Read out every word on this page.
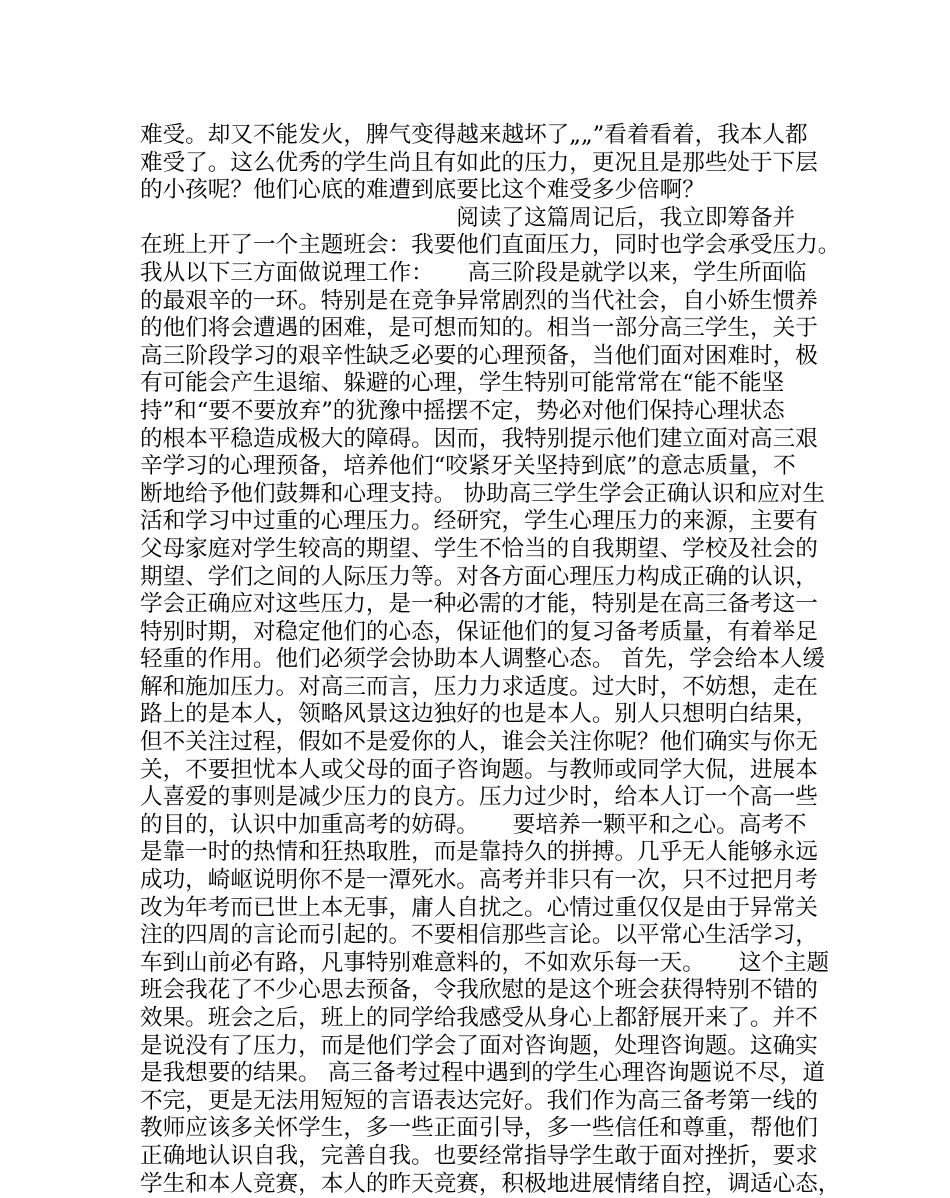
难受。却又不能发火，脾气变得越来越坏了„„”看着看着，我本人都
难受了。这么优秀的学生尚且有如此的压力，更况且是那些处于下层
的小孩呢？他们心底的难遭到底要比这个难受多少倍啊？
　　　　　　　　　　　　　　阅读了这篇周记后，我立即筹备并
在班上开了一个主题班会：我要他们直面压力，同时也学会承受压力。
我从以下三方面做说理工作：　　高三阶段是就学以来，学生所面临
的最艰辛的一环。特别是在竞争异常剧烈的当代社会，自小娇生惯养
的他们将会遭遇的困难，是可想而知的。相当一部分高三学生，关于
高三阶段学习的艰辛性缺乏必要的心理预备，当他们面对困难时，极
有可能会产生退缩、躲避的心理，学生特别可能常常在“能不能坚
持”和“要不要放弃”的犹豫中摇摆不定，势必对他们保持心理状态
的根本平稳造成极大的障碍。因而，我特别提示他们建立面对高三艰
辛学习的心理预备，培养他们“咬紧牙关坚持到底”的意志质量，不
断地给予他们鼓舞和心理支持。 协助高三学生学会正确认识和应对生
活和学习中过重的心理压力。经研究，学生心理压力的来源，主要有
父母家庭对学生较高的期望、学生不恰当的自我期望、学校及社会的
期望、学们之间的人际压力等。对各方面心理压力构成正确的认识，
学会正确应对这些压力，是一种必需的才能，特别是在高三备考这一
特别时期，对稳定他们的心态，保证他们的复习备考质量，有着举足
轻重的作用。他们必须学会协助本人调整心态。 首先，学会给本人缓
解和施加压力。对高三而言，压力力求适度。过大时，不妨想，走在
路上的是本人，领略风景这边独好的也是本人。别人只想明白结果，
但不关注过程，假如不是爱你的人，谁会关注你呢？他们确实与你无
关，不要担忧本人或父母的面子咨询题。与教师或同学大侃，进展本
人喜爱的事则是减少压力的良方。压力过少时，给本人订一个高一些
的目的，认识中加重高考的妨碍。　　要培养一颗平和之心。高考不
是靠一时的热情和狂热取胜，而是靠持久的拼搏。几乎无人能够永远
成功，崎岖说明你不是一潭死水。高考并非只有一次，只不过把月考
改为年考而已世上本无事，庸人自扰之。心情过重仅仅是由于异常关
注的四周的言论而引起的。不要相信那些言论。以平常心生活学习，
车到山前必有路，凡事特别难意料的，不如欢乐每一天。　　这个主题
班会我花了不少心思去预备，令我欣慰的是这个班会获得特别不错的
效果。班会之后，班上的同学给我感受从身心上都舒展开来了。并不
是说没有了压力，而是他们学会了面对咨询题，处理咨询题。这确实
是我想要的结果。 高三备考过程中遇到的学生心理咨询题说不尽，道
不完，更是无法用短短的言语表达完好。我们作为高三备考第一线的
教师应该多关怀学生，多一些正面引导，多一些信任和尊重，帮他们
正确地认识自我，完善自我。也要经常指导学生敢于面对挫折，要求
学生和本人竞赛，本人的昨天竞赛，积极地进展情绪自控，调适心态，
